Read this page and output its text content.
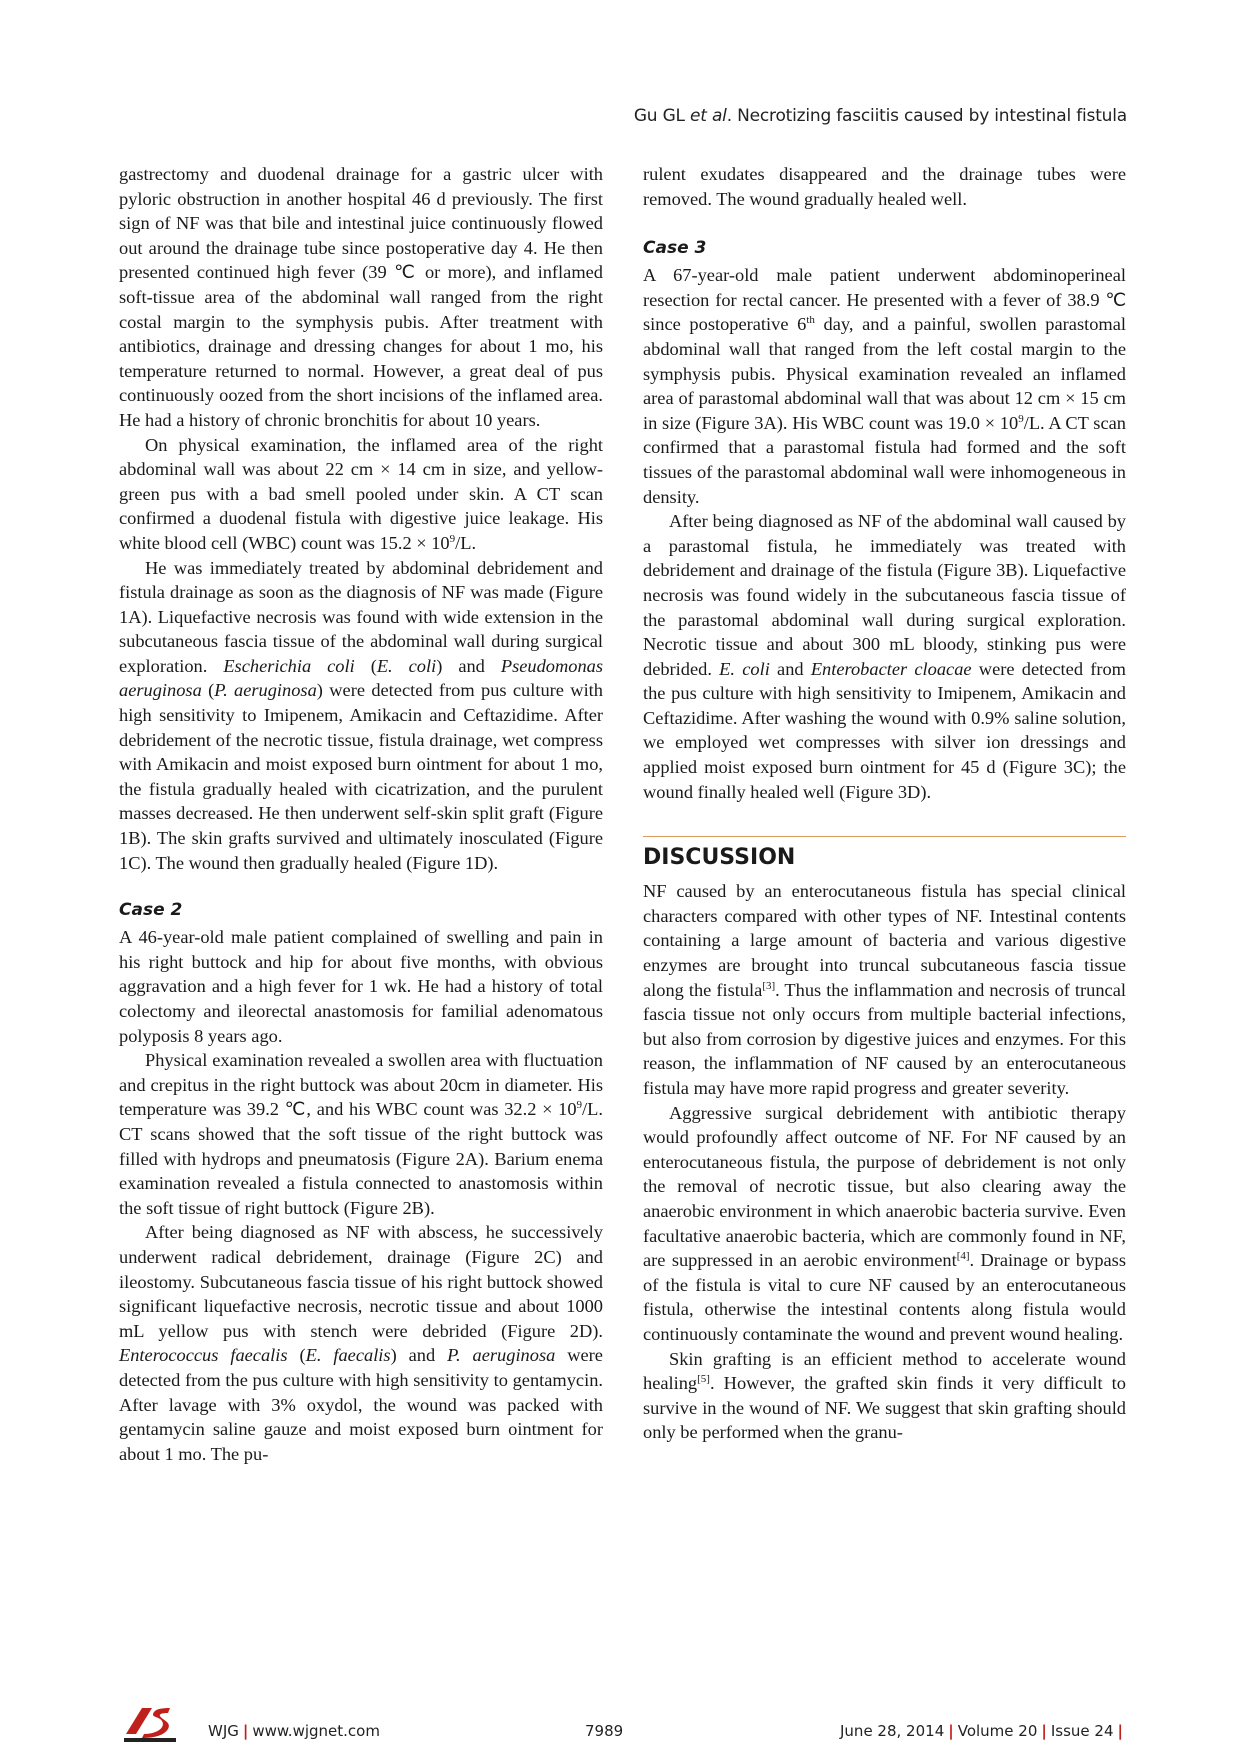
Gu GL et al. Necrotizing fasciitis caused by intestinal fistula

gastrectomy and duodenal drainage for a gastric ulcer with pyloric obstruction in another hospital 46 d previously. The first sign of NF was that bile and intestinal juice continuously flowed out around the drainage tube since postoperative day 4. He then presented continued high fever (39 ℃ or more), and inflamed soft-tissue area of the abdominal wall ranged from the right costal margin to the symphysis pubis. After treatment with antibiotics, drainage and dressing changes for about 1 mo, his temperature returned to normal. However, a great deal of pus continuously oozed from the short incisions of the inflamed area. He had a history of chronic bronchitis for about 10 years.

On physical examination, the inflamed area of the right abdominal wall was about 22 cm × 14 cm in size, and yellow-green pus with a bad smell pooled under skin. A CT scan confirmed a duodenal fistula with digestive juice leakage. His white blood cell (WBC) count was $15.2 \times 10^9/L$.

He was immediately treated by abdominal debridement and fistula drainage as soon as the diagnosis of NF was made (Figure 1A). Liquefactive necrosis was found with wide extension in the subcutaneous fascia tissue of the abdominal wall during surgical exploration. Escherichia coli (E. coli) and Pseudomonas aeruginosa (P. aeruginosa) were detected from pus culture with high sensitivity to Imipenem, Amikacin and Ceftazidime. After debridement of the necrotic tissue, fistula drainage, wet compress with Amikacin and moist exposed burn ointment for about 1 mo, the fistula gradually healed with cicatrization, and the purulent masses decreased. He then underwent self-skin split graft (Figure 1B). The skin grafts survived and ultimately inosculated (Figure 1C). The wound then gradually healed (Figure 1D).

Case 2

A 46-year-old male patient complained of swelling and pain in his right buttock and hip for about five months, with obvious aggravation and a high fever for 1 wk. He had a history of total colectomy and ileorectal anastomosis for familial adenomatous polyposis 8 years ago.

Physical examination revealed a swollen area with fluctuation and crepitus in the right buttock was about 20cm in diameter. His temperature was 39.2 ℃, and his WBC count was $32.2 \times 10^9/L$. CT scans showed that the soft tissue of the right buttock was filled with hydrops and pneumatosis (Figure 2A). Barium enema examination revealed a fistula connected to anastomosis within the soft tissue of right buttock (Figure 2B).

After being diagnosed as NF with abscess, he successively underwent radical debridement, drainage (Figure 2C) and ileostomy. Subcutaneous fascia tissue of his right buttock showed significant liquefactive necrosis, necrotic tissue and about 1000 mL yellow pus with stench were debrided (Figure 2D). Enterococcus faecalis (E. faecalis) and P. aeruginosa were detected from the pus culture with high sensitivity to gentamycin. After lavage with 3% oxydol, the wound was packed with gentamycin saline gauze and moist exposed burn ointment for about 1 mo. The pu-

rulent exudates disappeared and the drainage tubes were removed. The wound gradually healed well.

Case 3

A 67-year-old male patient underwent abdominoperineal resection for rectal cancer. He presented with a fever of 38.9 ℃ since postoperative 6th day, and a painful, swollen parastomal abdominal wall that ranged from the left costal margin to the symphysis pubis. Physical examination revealed an inflamed area of parastomal abdominal wall that was about 12 cm × 15 cm in size (Figure 3A). His WBC count was $19.0 \times 10^9/L$. A CT scan confirmed that a parastomal fistula had formed and the soft tissues of the parastomal abdominal wall were inhomogeneous in density.

After being diagnosed as NF of the abdominal wall caused by a parastomal fistula, he immediately was treated with debridement and drainage of the fistula (Figure 3B). Liquefactive necrosis was found widely in the subcutaneous fascia tissue of the parastomal abdominal wall during surgical exploration. Necrotic tissue and about 300 mL bloody, stinking pus were debrided. E. coli and Enterobacter cloacae were detected from the pus culture with high sensitivity to Imipenem, Amikacin and Ceftazidime. After washing the wound with 0.9% saline solution, we employed wet compresses with silver ion dressings and applied moist exposed burn ointment for 45 d (Figure 3C); the wound finally healed well (Figure 3D).

DISCUSSION

NF caused by an enterocutaneous fistula has special clinical characters compared with other types of NF. Intestinal contents containing a large amount of bacteria and various digestive enzymes are brought into truncal subcutaneous fascia tissue along the fistula[3]. Thus the inflammation and necrosis of truncal fascia tissue not only occurs from multiple bacterial infections, but also from corrosion by digestive juices and enzymes. For this reason, the inflammation of NF caused by an enterocutaneous fistula may have more rapid progress and greater severity.

Aggressive surgical debridement with antibiotic therapy would profoundly affect outcome of NF. For NF caused by an enterocutaneous fistula, the purpose of debridement is not only the removal of necrotic tissue, but also clearing away the anaerobic environment in which anaerobic bacteria survive. Even facultative anaerobic bacteria, which are commonly found in NF, are suppressed in an aerobic environment[4]. Drainage or bypass of the fistula is vital to cure NF caused by an enterocutaneous fistula, otherwise the intestinal contents along fistula would continuously contaminate the wound and prevent wound healing.

Skin grafting is an efficient method to accelerate wound healing[5]. However, the grafted skin finds it very difficult to survive in the wound of NF. We suggest that skin grafting should only be performed when the granu-

WJG | www.wjgnet.com	7989	June 28, 2014 | Volume 20 | Issue 24 |
